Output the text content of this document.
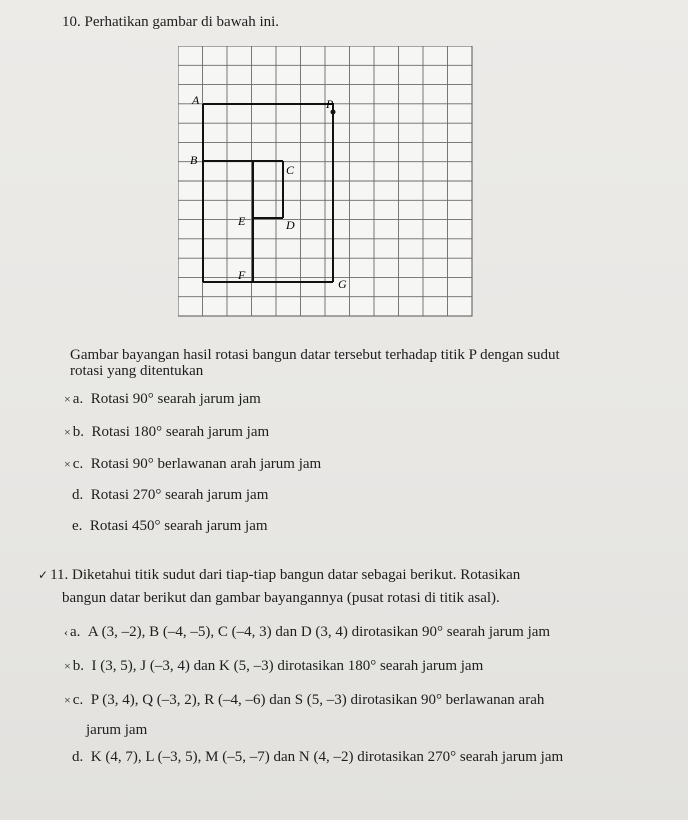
10. Perhatikan gambar di bawah ini.
A	P
B
C
E	D
F
G
Gambar bayangan hasil rotasi bangun datar tersebut terhadap titik P dengan sudut
rotasi yang ditentukan
× a. Rotasi 90° searah jarum jam
× b. Rotasi 180° searah jarum jam
× c. Rotasi 90° berlawanan arah jarum jam
d. Rotasi 270° searah jarum jam
e. Rotasi 450° searah jarum jam
✓ 11. Diketahui titik sudut dari tiap-tiap bangun datar sebagai berikut. Rotasikan
bangun datar berikut dan gambar bayangannya (pusat rotasi di titik asal).
‹ a. A (3, –2), B (–4, –5), C (–4, 3) dan D (3, 4) dirotasikan 90° searah jarum jam
× b. I (3, 5), J (–3, 4) dan K (5, –3) dirotasikan 180° searah jarum jam
× c. P (3, 4), Q (–3, 2), R (–4, –6) dan S (5, –3) dirotasikan 90° berlawanan arah
jarum jam
d. K (4, 7), L (–3, 5), M (–5, –7) dan N (4, –2) dirotasikan 270° searah jarum jam
